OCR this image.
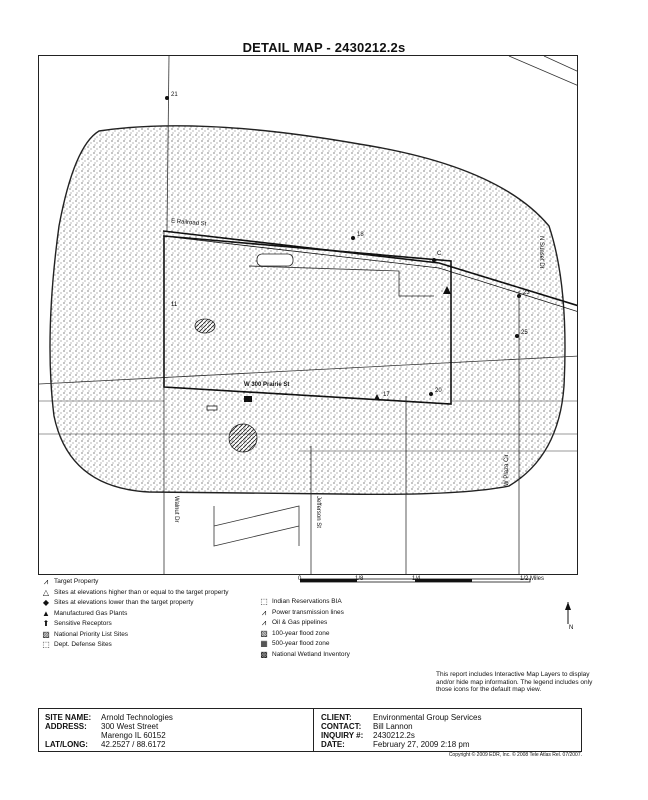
DETAIL MAP - 2430212.2s
E Railroad St
N Sunset Dr
Walnut Dr	Jefferson St
W Plaza Cir
W 300 Prairie St
21
18
C
23
25
20
17
11
0	1/8	1/4	1/2 Miles
⩘ Target Property
△ Sites at elevations higher than or equal to the target property
◆ Sites at elevations lower than the target property
▲ Manufactured Gas Plants
⬆ Sensitive Receptors
▨ National Priority List Sites
⬚ Dept. Defense Sites
⬚ Indian Reservations BIA
⩘ Power transmission lines
⩘ Oil & Gas pipelines
▧ 100-year flood zone
▦ 500-year flood zone
▩ National Wetland Inventory
N
This report includes Interactive Map Layers to display and/or hide map information. The legend includes only those icons for the default map view.
SITE NAME:	Arnold Technologies
ADDRESS:	300 West Street
Marengo IL 60152
LAT/LONG:	42.2527 / 88.6172
CLIENT:	Environmental Group Services
CONTACT:	Bill Lannon
INQUIRY #:	2430212.2s
DATE:	February 27, 2009 2:18 pm
Copyright © 2009 EDR, Inc. © 2008 Tele Atlas Rel. 07/2007.
